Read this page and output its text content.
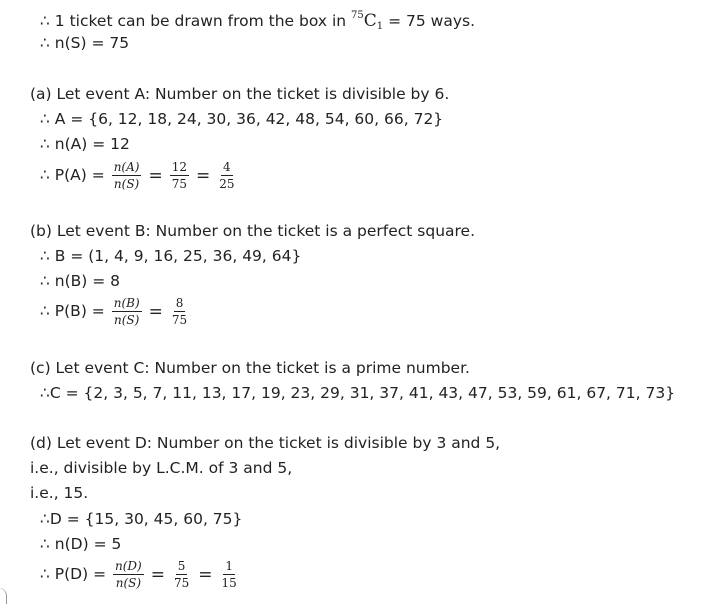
∴ 1 ticket can be drawn from the box in $^{75}C_1 = 75$ ways.
∴ n(S) = 75
(a) Let event A: Number on the ticket is divisible by 6.
∴ A = {6, 12, 18, 24, 30, 36, 42, 48, 54, 60, 66, 72}
∴ n(A) = 12
∴ $P(A) = \frac{n(A)}{n(S)} = \frac{12}{75} = \frac{4}{25}$
(b) Let event B: Number on the ticket is a perfect square.
∴ B = (1, 4, 9, 16, 25, 36, 49, 64}
∴ n(B) = 8
∴ $P(B) = \frac{n(B)}{n(S)} = \frac{8}{75}$
(c) Let event C: Number on the ticket is a prime number.
∴C = {2, 3, 5, 7, 11, 13, 17, 19, 23, 29, 31, 37, 41, 43, 47, 53, 59, 61, 67, 71, 73}
(d) Let event D: Number on the ticket is divisible by 3 and 5,
i.e., divisible by L.C.M. of 3 and 5,
i.e., 15.
∴D = {15, 30, 45, 60, 75}
∴ n(D) = 5
∴ $P(D) = \frac{n(D)}{n(S)} = \frac{5}{75} = \frac{1}{15}$
